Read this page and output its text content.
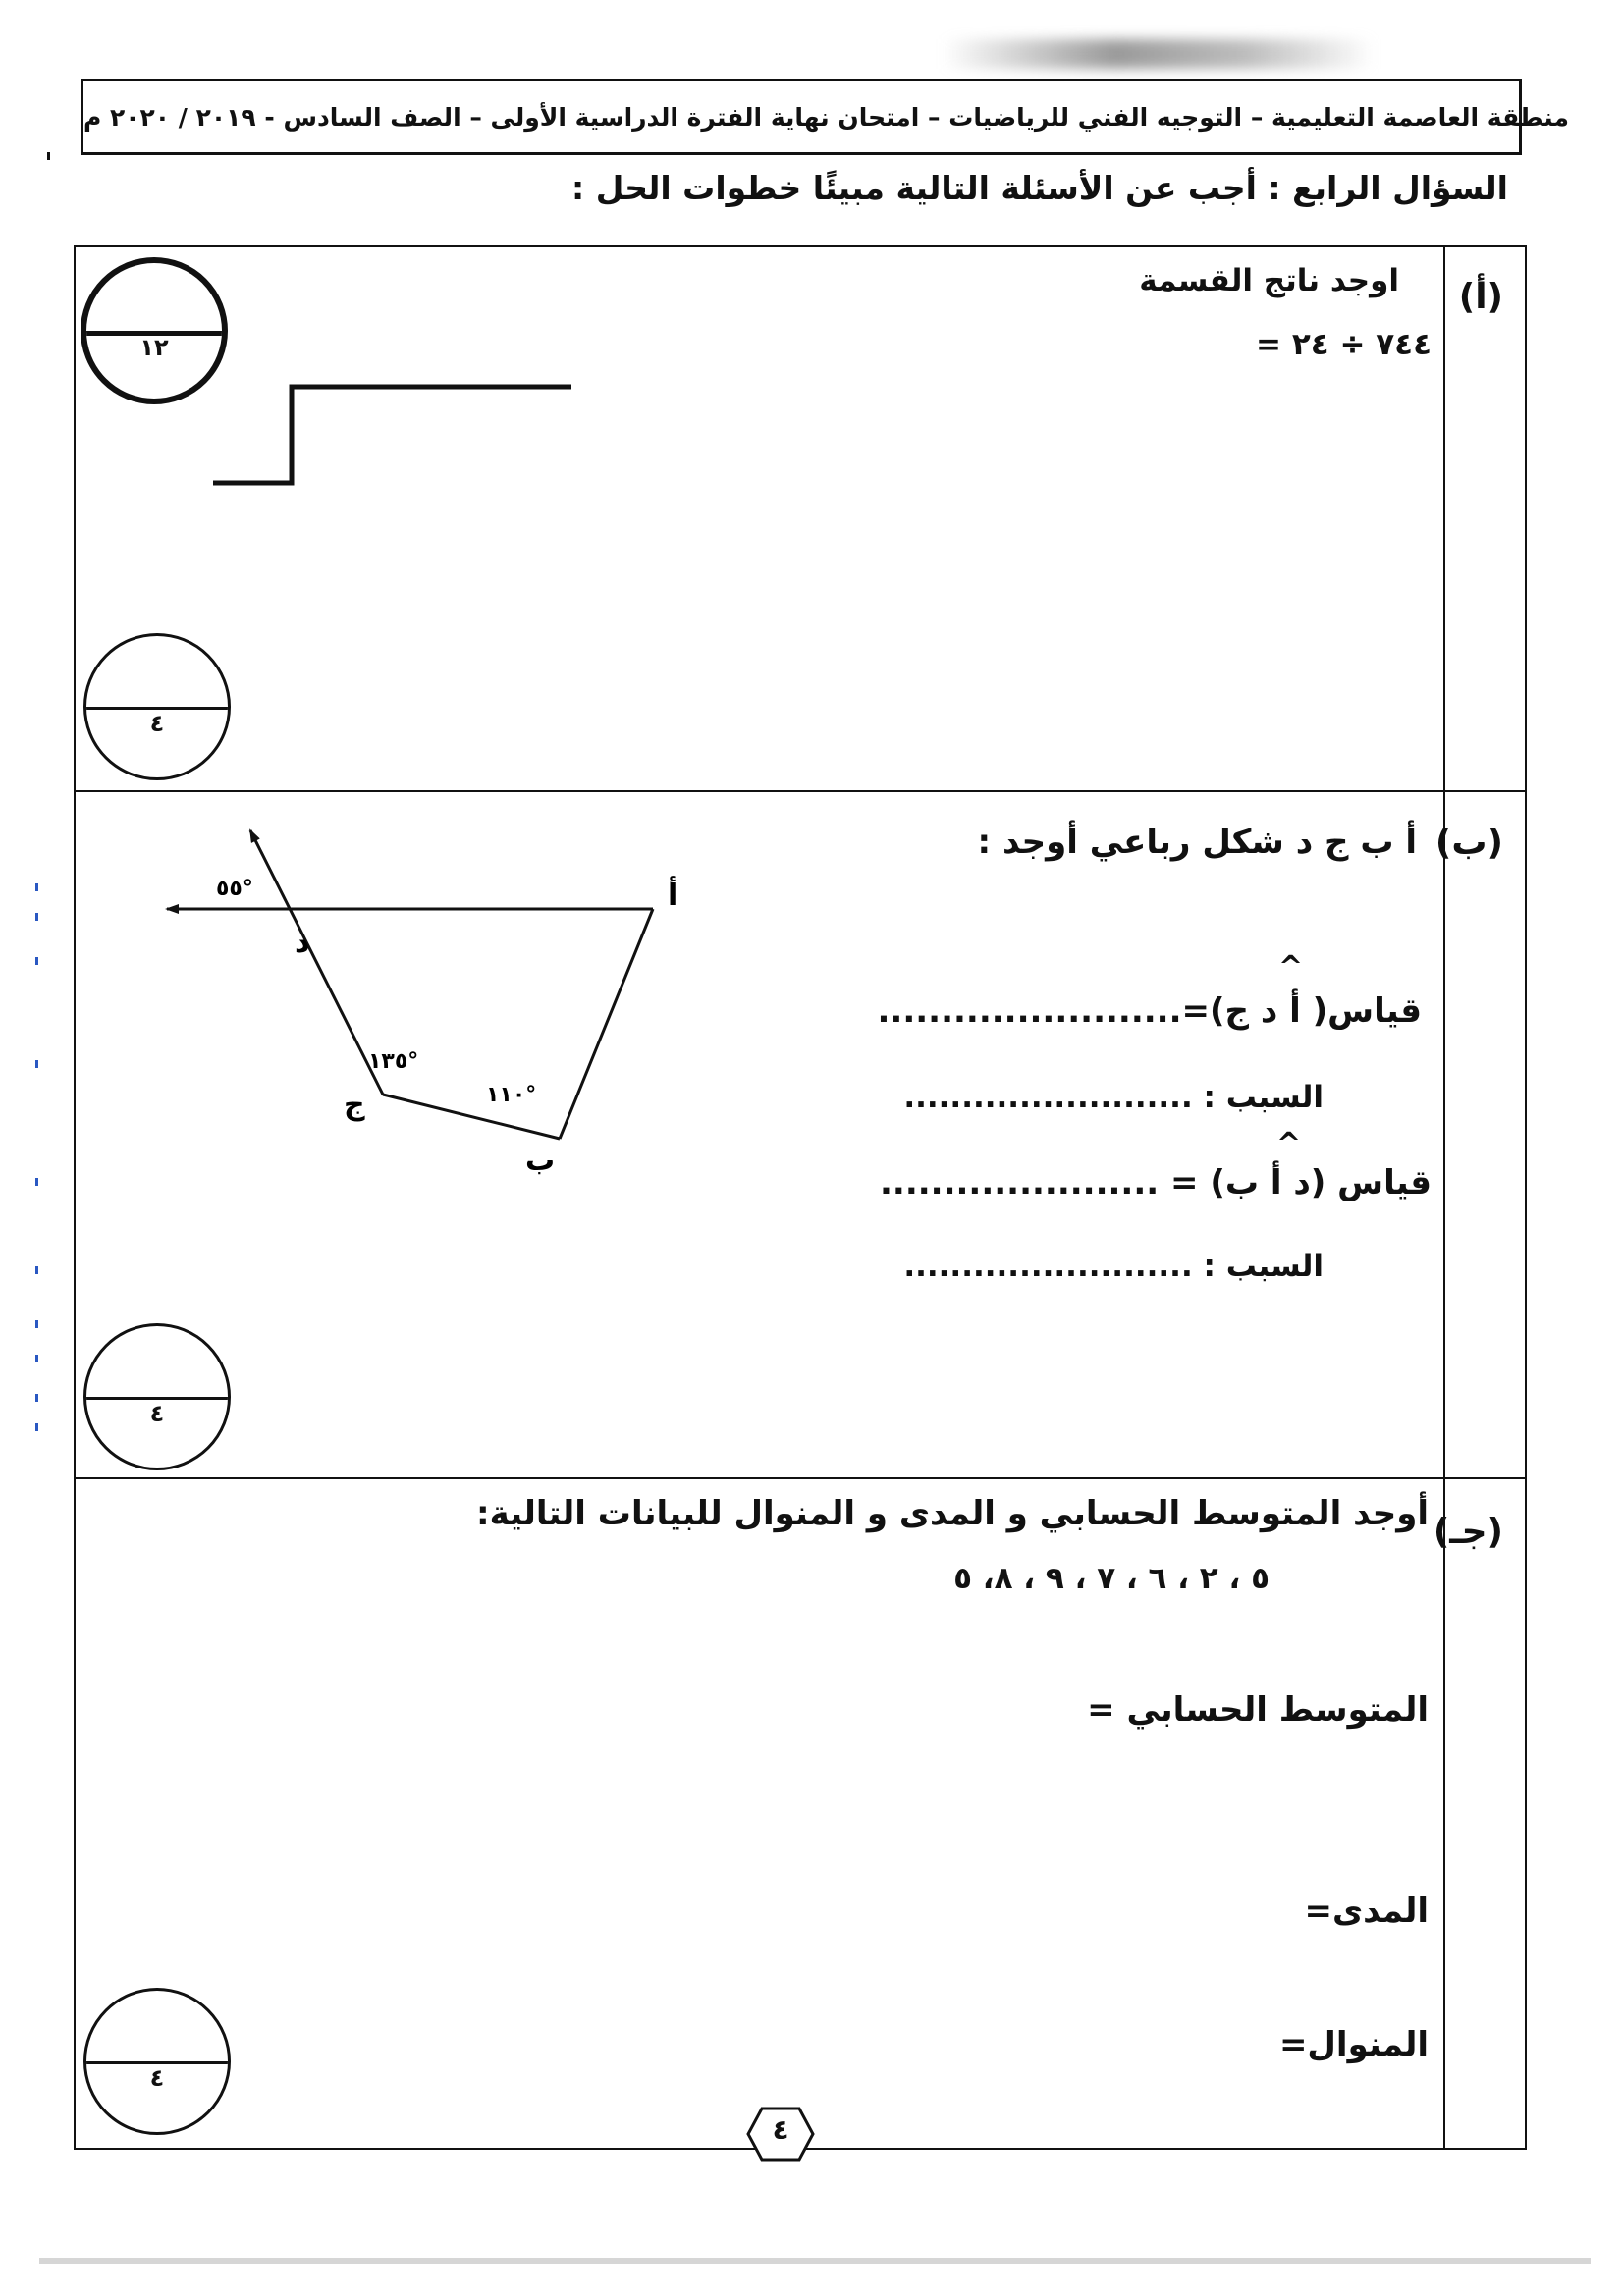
منطقة العاصمة التعليمية – التوجيه الفني للرياضيات – امتحان نهاية الفترة الدراسية الأولى – الصف السادس - ٢٠١٩ / ٢٠٢٠ م
السؤال الرابع : أجب عن الأسئلة التالية مبيئًا خطوات الحل :
(أ)
اوجد ناتج القسمة
٧٤٤ ÷ ٢٤ =
١٢
٤
(ب)
أ ب ج د شكل رباعي أوجد :
^
قياس( أ د ج)=........................
السبب : .........................
^
قياس (د أ ب) = ......................
السبب : .........................
أ
د
ج
ب
٥٥°
١٣٥°
١١٠°
٤
(جـ)
أوجد المتوسط الحسابي و المدى و المنوال للبيانات التالية:
٥ ، ٢ ، ٦ ، ٧ ، ٩ ، ٨، ٥
المتوسط الحسابي =
المدى=
المنوال=
٤
٤
